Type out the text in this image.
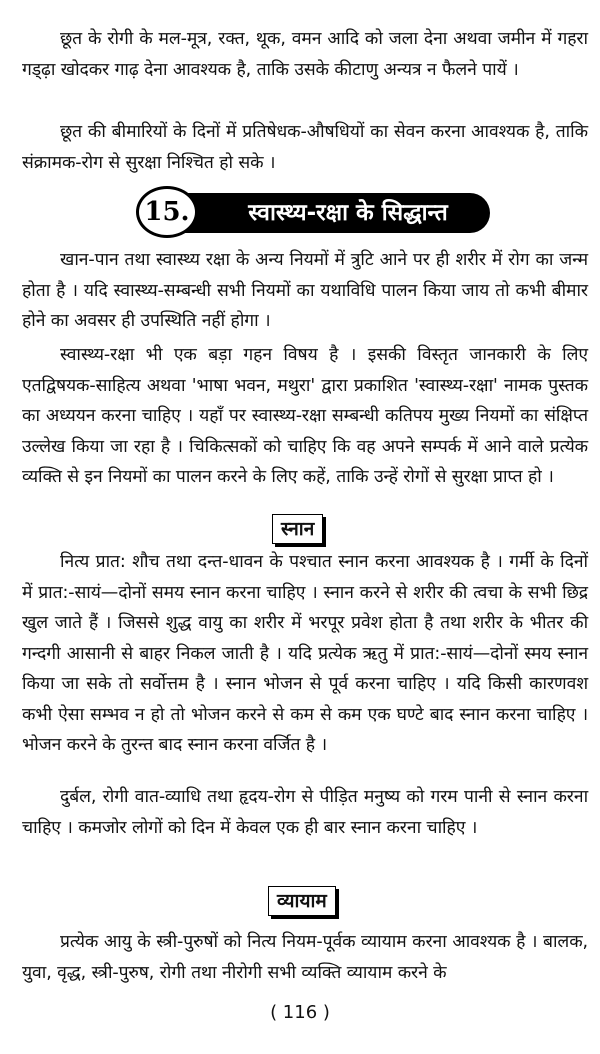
छूत के रोगी के मल-मूत्र, रक्त, थूक, वमन आदि को जला देना अथवा जमीन में गहरा गड्ढ़ा खोदकर गाढ़ देना आवश्यक है, ताकि उसके कीटाणु अन्यत्र न फैलने पायें ।

छूत की बीमारियों के दिनों में प्रतिषेधक-औषधियों का सेवन करना आवश्यक है, ताकि संक्रामक-रोग से सुरक्षा निश्चित हो सके ।

15.	स्वास्थ्य-रक्षा के सिद्धान्त

खान-पान तथा स्वास्थ्य रक्षा के अन्य नियमों में त्रुटि आने पर ही शरीर में रोग का जन्म होता है । यदि स्वास्थ्य-सम्बन्धी सभी नियमों का यथाविधि पालन किया जाय तो कभी बीमार होने का अवसर ही उपस्थिति नहीं होगा ।

स्वास्थ्य-रक्षा भी एक बड़ा गहन विषय है । इसकी विस्तृत जानकारी के लिए एतद्विषयक-साहित्य अथवा 'भाषा भवन, मथुरा' द्वारा प्रकाशित 'स्वास्थ्य-रक्षा' नामक पुस्तक का अध्ययन करना चाहिए । यहाँ पर स्वास्थ्य-रक्षा सम्बन्धी कतिपय मुख्य नियमों का संक्षिप्त उल्लेख किया जा रहा है । चिकित्सकों को चाहिए कि वह अपने सम्पर्क में आने वाले प्रत्येक व्यक्ति से इन नियमों का पालन करने के लिए कहें, ताकि उन्हें रोगों से सुरक्षा प्राप्त हो ।

स्नान

नित्य प्रात: शौच तथा दन्त-धावन के पश्चात स्नान करना आवश्यक है । गर्मी के दिनों में प्रात:-सायं—दोनों समय स्नान करना चाहिए । स्नान करने से शरीर की त्वचा के सभी छिद्र खुल जाते हैं । जिससे शुद्ध वायु का शरीर में भरपूर प्रवेश होता है तथा शरीर के भीतर की गन्दगी आसानी से बाहर निकल जाती है । यदि प्रत्येक ऋतु में प्रात:-सायं—दोनों स्मय स्नान किया जा सके तो सर्वोत्तम है । स्नान भोजन से पूर्व करना चाहिए । यदि किसी कारणवश कभी ऐसा सम्भव न हो तो भोजन करने से कम से कम एक घण्टे बाद स्नान करना चाहिए । भोजन करने के तुरन्त बाद स्नान करना वर्जित है ।

दुर्बल, रोगी वात-व्याधि तथा हृदय-रोग से पीड़ित मनुष्य को गरम पानी से स्नान करना चाहिए । कमजोर लोगों को दिन में केवल एक ही बार स्नान करना चाहिए ।

व्यायाम

प्रत्येक आयु के स्त्री-पुरुषों को नित्य नियम-पूर्वक व्यायाम करना आवश्यक है । बालक, युवा, वृद्ध, स्त्री-पुरुष, रोगी तथा नीरोगी सभी व्यक्ति व्यायाम करने के

( 116 )
